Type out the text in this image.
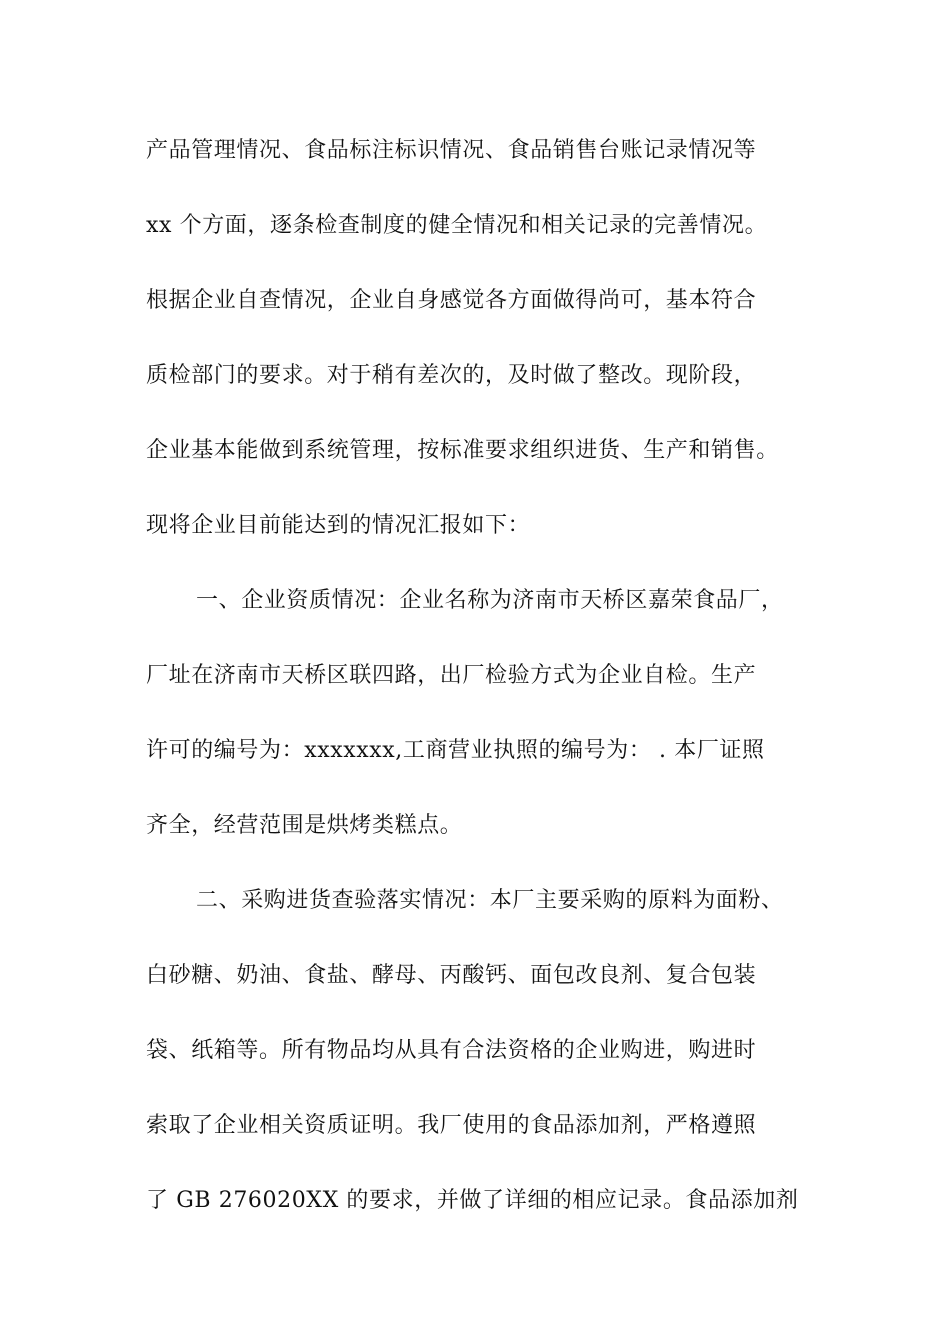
产品管理情况、食品标注标识情况、食品销售台账记录情况等
xx 个方面，逐条检查制度的健全情况和相关记录的完善情况。
根据企业自查情况，企业自身感觉各方面做得尚可，基本符合
质检部门的要求。对于稍有差次的，及时做了整改。现阶段，
企业基本能做到系统管理，按标准要求组织进货、生产和销售。
现将企业目前能达到的情况汇报如下：
一、企业资质情况：企业名称为济南市天桥区嘉荣食品厂，
厂址在济南市天桥区联四路，出厂检验方式为企业自检。生产
许可的编号为：xxxxxxx,工商营业执照的编号为： . 本厂证照
齐全，经营范围是烘烤类糕点。
二、采购进货查验落实情况：本厂主要采购的原料为面粉、
白砂糖、奶油、食盐、酵母、丙酸钙、面包改良剂、复合包装
袋、纸箱等。所有物品均从具有合法资格的企业购进，购进时
索取了企业相关资质证明。我厂使用的食品添加剂，严格遵照
了 GB 276020XX 的要求，并做了详细的相应记录。食品添加剂
